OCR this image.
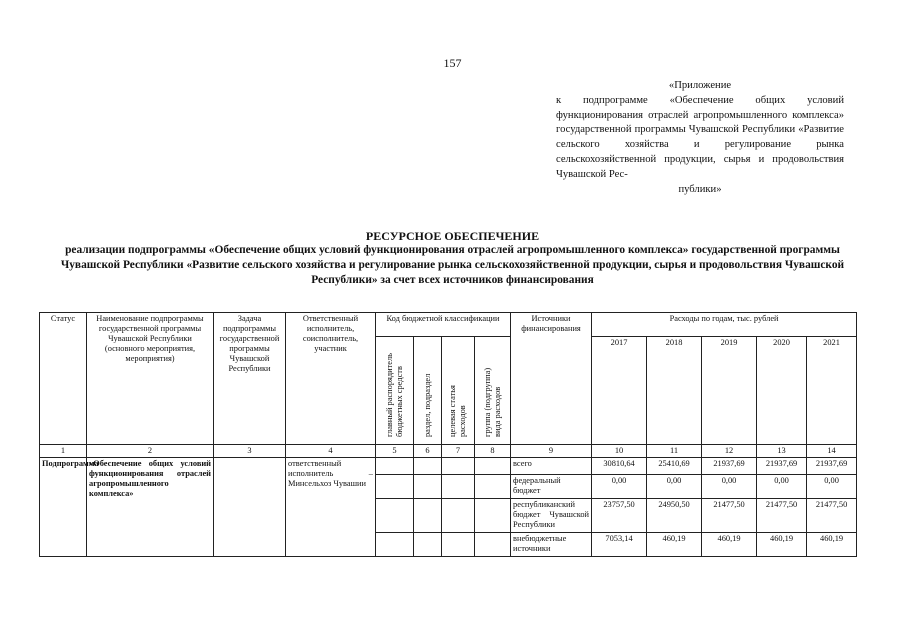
157
«Приложение
к подпрограмме «Обеспечение общих условий функционирования отраслей агропромышленного комплекса» государственной программы Чувашской Республики «Развитие сельского хозяйства и регулирование рынка сельскохозяйственной продукции, сырья и продовольствия Чувашской Рес-
публики»
РЕСУРСНОЕ ОБЕСПЕЧЕНИЕ
реализации подпрограммы «Обеспечение общих условий функционирования отраслей агропромышленного комплекса» государственной программы Чувашской Республики «Развитие сельского хозяйства и регулирование рынка сельскохозяйственной продукции, сырья и продовольствия Чувашской Республики» за счет всех источников финансирования
Статус	Наименование подпрограммы государственной программы Чувашской Республики (основного мероприятия, мероприятия)	Задача подпрограммы государственной программы Чувашской Республики	Ответственный исполнитель, соисполнитель, участник	Код бюджетной классификации				Источники финансирования	Расходы по годам, тыс. рублей				
				главный распорядитель бюджетных средств	раздел, подраздел	целевая статья расходов	группа (подгруппа) вида расходов		2017	2018	2019	2020	2021
1	2	3	4	5	6	7	8	9	10	11	12	13	14
Подпрограмма	«Обеспечение общих условий функционирования отраслей агропромышленного комплекса»		ответственный исполнитель – Минсельхоз Чувашии					всего	30810,64	25410,69	21937,69	21937,69	21937,69
								федеральный бюджет	0,00	0,00	0,00	0,00	0,00
								республиканский бюджет Чувашской Республики	23757,50	24950,50	21477,50	21477,50	21477,50
								внебюджетные источники	7053,14	460,19	460,19	460,19	460,19
